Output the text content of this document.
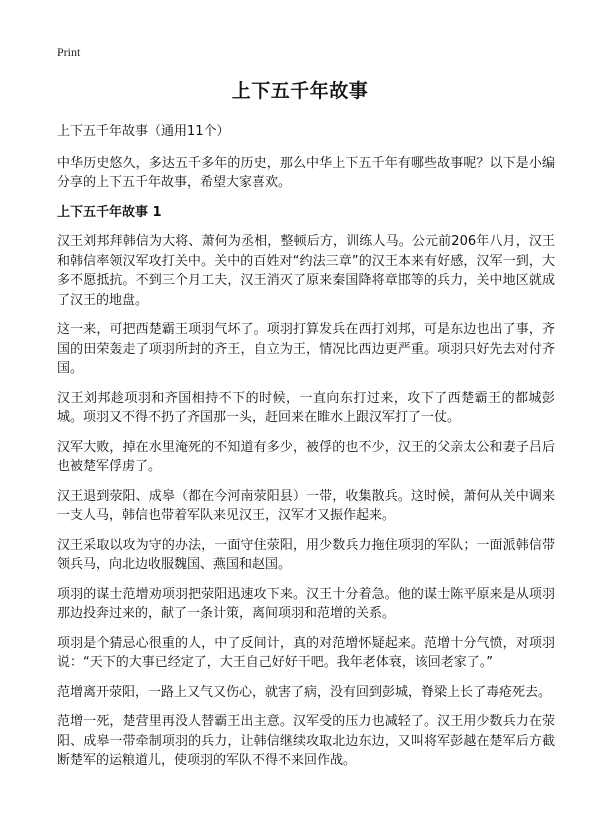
Print
上下五千年故事

上下五千年故事（通用11个）

中华历史悠久，多达五千多年的历史，那么中华上下五千年有哪些故事呢？以下是小编分享的上下五千年故事，希望大家喜欢。

上下五千年故事 1

汉王刘邦拜韩信为大将、萧何为丞相，整顿后方，训练人马。公元前206年八月，汉王和韩信率领汉军攻打关中。关中的百姓对“约法三章”的汉王本来有好感，汉军一到，大多不愿抵抗。不到三个月工夫，汉王消灭了原来秦国降将章邯等的兵力，关中地区就成了汉王的地盘。

这一来，可把西楚霸王项羽气坏了。项羽打算发兵在西打刘邦，可是东边也出了事，齐国的田荣轰走了项羽所封的齐王，自立为王，情况比西边更严重。项羽只好先去对付齐国。

汉王刘邦趁项羽和齐国相持不下的时候，一直向东打过来，攻下了西楚霸王的都城彭城。项羽又不得不扔了齐国那一头，赶回来在睢水上跟汉军打了一仗。

汉军大败，掉在水里淹死的不知道有多少，被俘的也不少，汉王的父亲太公和妻子吕后也被楚军俘虏了。

汉王退到荥阳、成皋（都在今河南荥阳县）一带，收集散兵。这时候，萧何从关中调来一支人马，韩信也带着军队来见汉王，汉军才又振作起来。

汉王采取以攻为守的办法，一面守住荥阳，用少数兵力拖住项羽的军队；一面派韩信带领兵马，向北边收服魏国、燕国和赵国。

项羽的谋士范增劝项羽把荥阳迅速攻下来。汉王十分着急。他的谋士陈平原来是从项羽那边投奔过来的，献了一条计策，离间项羽和范增的关系。

项羽是个猜忌心很重的人，中了反间计，真的对范增怀疑起来。范增十分气愤，对项羽说：“天下的大事已经定了，大王自己好好干吧。我年老体衰，该回老家了。”

范增离开荥阳，一路上又气又伤心，就害了病，没有回到彭城，脊梁上长了毒疮死去。

范增一死，楚营里再没人替霸王出主意。汉军受的压力也减轻了。汉王用少数兵力在荥阳、成皋一带牵制项羽的兵力，让韩信继续攻取北边东边，又叫将军彭越在楚军后方截断楚军的运粮道儿，使项羽的军队不得不来回作战。
